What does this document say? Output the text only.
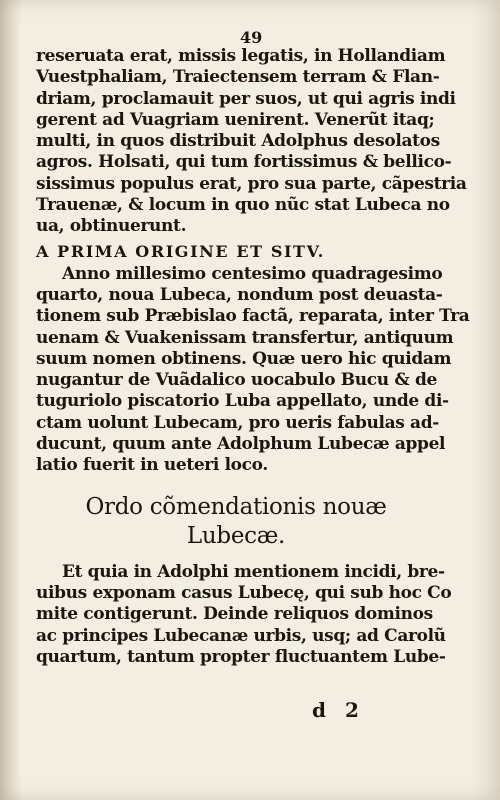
49
reseruata erat, missis legatis, in Hollandiam
Vuestphaliam, Traiectensem terram & Flan-
driam, proclamauit per suos, ut qui agris indi
gerent ad Vuagriam uenirent. Venerũt itaq;
multi, in quos distribuit Adolphus desolatos
agros. Holsati, qui tum fortissimus & bellico-
sissimus populus erat, pro sua parte, cãpestria
Trauenæ, & locum in quo nũc stat Lubeca no
ua, obtinuerunt.
A PRIMA ORIGINE ET SITV.
Anno millesimo centesimo quadragesimo
quarto, noua Lubeca, nondum post deuasta-
tionem sub Prӕbislao factã, reparata, inter Tra
uenam & Vuakenissam transfertur, antiquum
suum nomen obtinens. Quæ uero hic quidam
nugantur de Vuãdalico uocabulo Bucu & de
tuguriolo piscatorio Luba appellato, unde di-
ctam uolunt Lubecam, pro ueris fabulas ad-
ducunt, quum ante Adolphum Lubecæ appel
latio fuerit in ueteri loco.
Ordo cõmendationis nouæ
Lubecæ.
Et quia in Adolphi mentionem incidi, bre-
uibus exponam casus Lubecę, qui sub hoc Co
mite contigerunt. Deinde reliquos dominos
ac principes Lubecanæ urbis, usq; ad Carolũ
quartum, tantum propter fluctuantem Lube-
d 2
